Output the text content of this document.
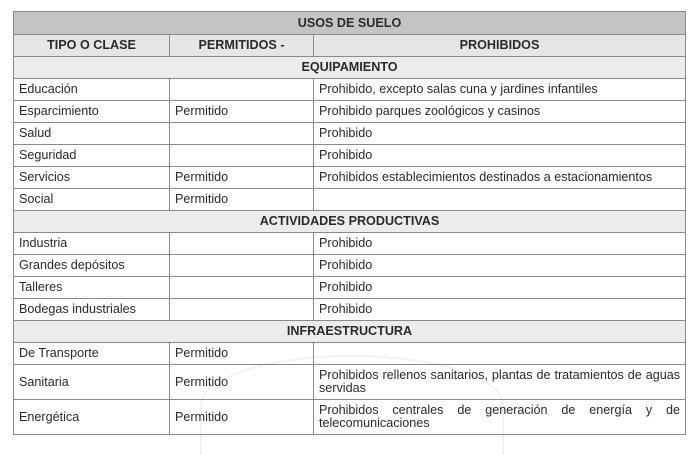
USOS DE SUELO		
TIPO O CLASE	PERMITIDOS -	PROHIBIDOS
EQUIPAMIENTO		
Educación		Prohibido, excepto salas cuna y jardines infantiles
Esparcimiento	Permitido	Prohibido parques zoológicos y casinos
Salud		Prohibido
Seguridad		Prohibido
Servicios	Permitido	Prohibidos establecimientos destinados a estacionamientos
Social	Permitido	
ACTIVIDADES PRODUCTIVAS		
Industria		Prohibido
Grandes depósitos		Prohibido
Talleres		Prohibido
Bodegas industriales		Prohibido
INFRAESTRUCTURA		
De Transporte	Permitido	
Sanitaria	Permitido	Prohibidos rellenos sanitarios, plantas de tratamientos de aguas servidas
Energética	Permitido	Prohibidos centrales de generación de energía y de telecomunicaciones
